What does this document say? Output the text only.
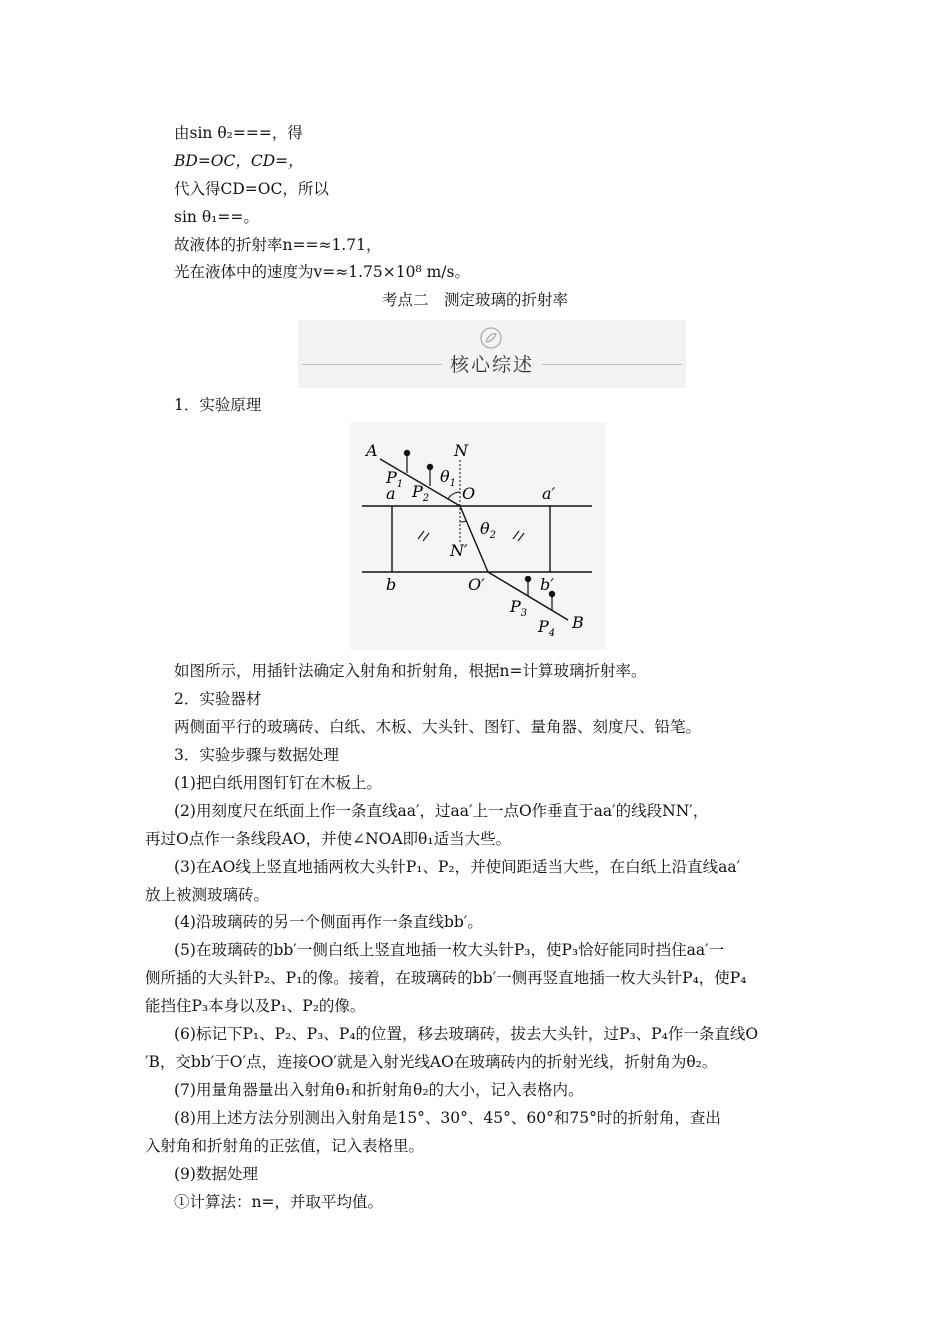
由sin θ₂===，得
BD=OC，CD=，
代入得CD=OC，所以
sin θ₁==。
故液体的折射率n==≈1.71，
光在液体中的速度为v=≈1.75×10⁸ m/s。
考点二　测定玻璃的折射率
核心综述
1．实验原理
A	N
$P_1$ $P_2$
$\theta_1$
O
a	a′
$\theta_2$
N′
b	O′	b′
$P_3$
$P_4$
B
如图所示，用插针法确定入射角和折射角，根据n=计算玻璃折射率。
2．实验器材
两侧面平行的玻璃砖、白纸、木板、大头针、图钉、量角器、刻度尺、铅笔。
3．实验步骤与数据处理
(1)把白纸用图钉钉在木板上。
(2)用刻度尺在纸面上作一条直线aa′，过aa′上一点O作垂直于aa′的线段NN′，
再过O点作一条线段AO，并使∠NOA即θ₁适当大些。
(3)在AO线上竖直地插两枚大头针P₁、P₂，并使间距适当大些，在白纸上沿直线aa′
放上被测玻璃砖。
(4)沿玻璃砖的另一个侧面再作一条直线bb′。
(5)在玻璃砖的bb′一侧白纸上竖直地插一枚大头针P₃，使P₃恰好能同时挡住aa′一
侧所插的大头针P₂、P₁的像。接着，在玻璃砖的bb′一侧再竖直地插一枚大头针P₄，使P₄
能挡住P₃本身以及P₁、P₂的像。
(6)标记下P₁、P₂、P₃、P₄的位置，移去玻璃砖，拔去大头针，过P₃、P₄作一条直线O
′B，交bb′于O′点，连接OO′就是入射光线AO在玻璃砖内的折射光线，折射角为θ₂。
(7)用量角器量出入射角θ₁和折射角θ₂的大小，记入表格内。
(8)用上述方法分别测出入射角是15°、30°、45°、60°和75°时的折射角，查出
入射角和折射角的正弦值，记入表格里。
(9)数据处理
①计算法：n=，并取平均值。
